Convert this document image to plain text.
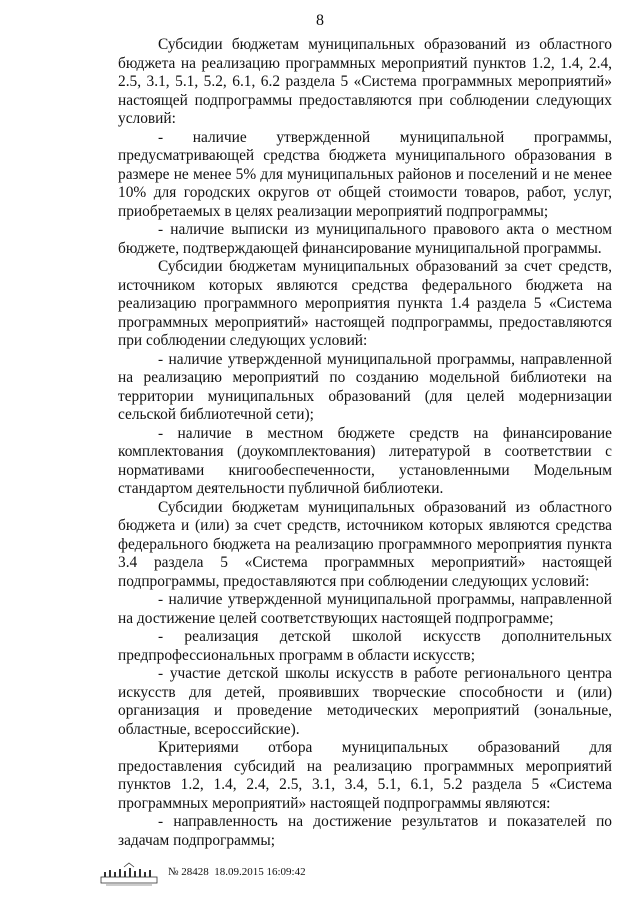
8

Субсидии бюджетам муниципальных образований из областного бюджета на реализацию программных мероприятий пунктов 1.2, 1.4, 2.4, 2.5, 3.1, 5.1, 5.2, 6.1, 6.2 раздела 5 «Система программных мероприятий» настоящей подпрограммы предоставляются при соблюдении следующих условий:

- наличие утвержденной муниципальной программы, предусматривающей средства бюджета муниципального образования в размере не менее 5% для муниципальных районов и поселений и не менее 10% для городских округов от общей стоимости товаров, работ, услуг, приобретаемых в целях реализации мероприятий подпрограммы;

- наличие выписки из муниципального правового акта о местном бюджете, подтверждающей финансирование муниципальной программы.

Субсидии бюджетам муниципальных образований за счет средств, источником которых являются средства федерального бюджета на реализацию программного мероприятия пункта 1.4 раздела 5 «Система программных мероприятий» настоящей подпрограммы, предоставляются при соблюдении следующих условий:

- наличие утвержденной муниципальной программы, направленной на реализацию мероприятий по созданию модельной библиотеки на территории муниципальных образований (для целей модернизации сельской библиотечной сети);

- наличие в местном бюджете средств на финансирование комплектования (доукомплектования) литературой в соответствии с нормативами книгообеспеченности, установленными Модельным стандартом деятельности публичной библиотеки.

Субсидии бюджетам муниципальных образований из областного бюджета и (или) за счет средств, источником которых являются средства федерального бюджета на реализацию программного мероприятия пункта 3.4 раздела 5 «Система программных мероприятий» настоящей подпрограммы, предоставляются при соблюдении следующих условий:

- наличие утвержденной муниципальной программы, направленной на достижение целей соответствующих настоящей подпрограмме;

- реализация детской школой искусств дополнительных предпрофессиональных программ в области искусств;

- участие детской школы искусств в работе регионального центра искусств для детей, проявивших творческие способности и (или) организация и проведение методических мероприятий (зональные, областные, всероссийские).

Критериями отбора муниципальных образований для предоставления субсидий на реализацию программных мероприятий пунктов 1.2, 1.4, 2.4, 2.5, 3.1, 3.4, 5.1, 6.1, 5.2 раздела 5 «Система программных мероприятий» настоящей подпрограммы являются:

- направленность на достижение результатов и показателей по задачам подпрограммы;

№ 28428 18.09.2015 16:09:42
